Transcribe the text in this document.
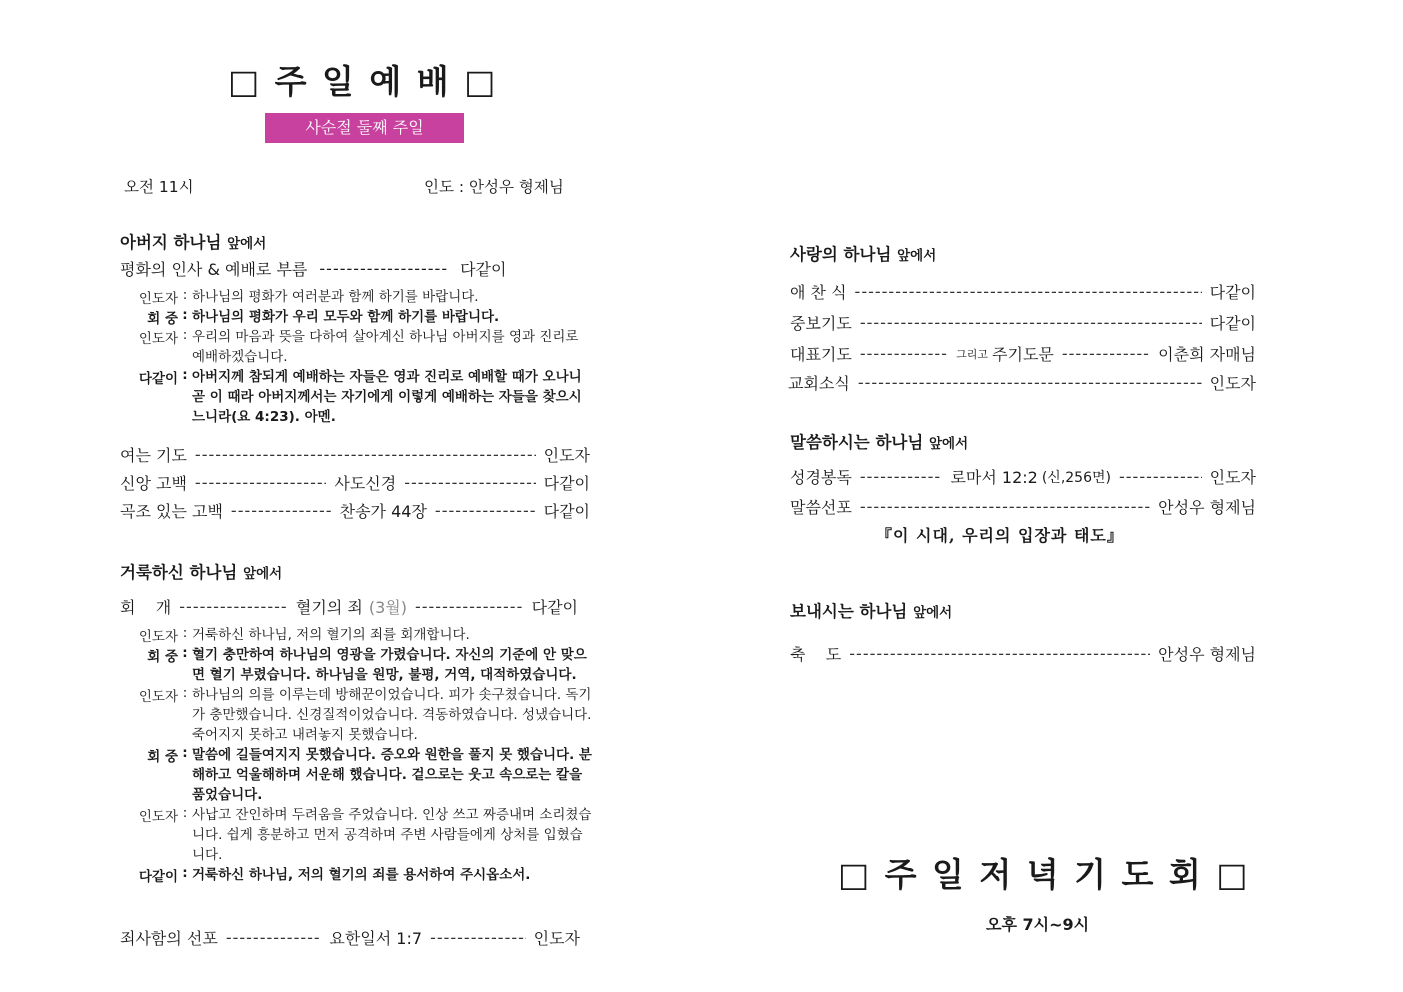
□ 주 일 예 배 □
사순절 둘째 주일
오전 11시	인도 : 안성우 형제님
아버지 하나님 앞에서
평화의 인사 & 예배로 부름 ------------------- 다같이
인도자 : 하나님의 평화가 여러분과 함께 하기를 바랍니다.
회 중 : 하나님의 평화가 우리 모두와 함께 하기를 바랍니다.
인도자 : 우리의 마음과 뜻을 다하여 살아계신 하나님 아버지를 영과 진리로 예배하겠습니다.
다같이 : 아버지께 참되게 예배하는 자들은 영과 진리로 예배할 때가 오나니 곧 이 때라 아버지께서는 자기에게 이렇게 예배하는 자들을 찾으시느니라(요 4:23). 아멘.
여는 기도 -----	인도자
신앙 고백 -----	사도신경 -----	다같이
곡조 있는 고백 -----	찬송가 44장 -----	다같이
거룩하신 하나님 앞에서
회    개 -----	혈기의 죄 (3월) -----	다같이
인도자 : 거룩하신 하나님, 저의 혈기의 죄를 회개합니다.
회 중 : 혈기 충만하여 하나님의 영광을 가렸습니다. 자신의 기준에 안 맞으면 혈기 부렸습니다. 하나님을 원망, 불평, 거역, 대적하였습니다.
인도자 : 하나님의 의를 이루는데 방해꾼이었습니다. 피가 솟구쳤습니다. 독기가 충만했습니다. 신경질적이었습니다. 격동하였습니다. 성냈습니다. 죽어지지 못하고 내려놓지 못했습니다.
회 중 : 말씀에 길들여지지 못했습니다. 증오와 원한을 풀지 못 했습니다. 분해하고 억울해하며 서운해 했습니다. 겉으로는 웃고 속으로는 칼을 품었습니다.
인도자 : 사납고 잔인하며 두려움을 주었습니다. 인상 쓰고 짜증내며 소리쳤습니다. 쉽게 흥분하고 먼저 공격하며 주변 사람들에게 상처를 입혔습니다.
다같이 : 거룩하신 하나님, 저의 혈기의 죄를 용서하여 주시옵소서.
죄사함의 선포 -----	요한일서 1:7 -----	인도자
사랑의 하나님 앞에서
애 찬 식 -----	다같이
중보기도 -----	다같이
대표기도 -----	그리고 주기도문 -----	이춘희 자매님
교회소식 -----	인도자
말씀하시는 하나님 앞에서
성경봉독 -----	로마서 12:2 (신,256면) -----	인도자
말씀선포 -----	안성우 형제님
『이 시대, 우리의 입장과 태도』
보내시는 하나님 앞에서
축    도 -----	안성우 형제님
□ 주 일 저 녁 기 도 회 □
오후 7시~9시
